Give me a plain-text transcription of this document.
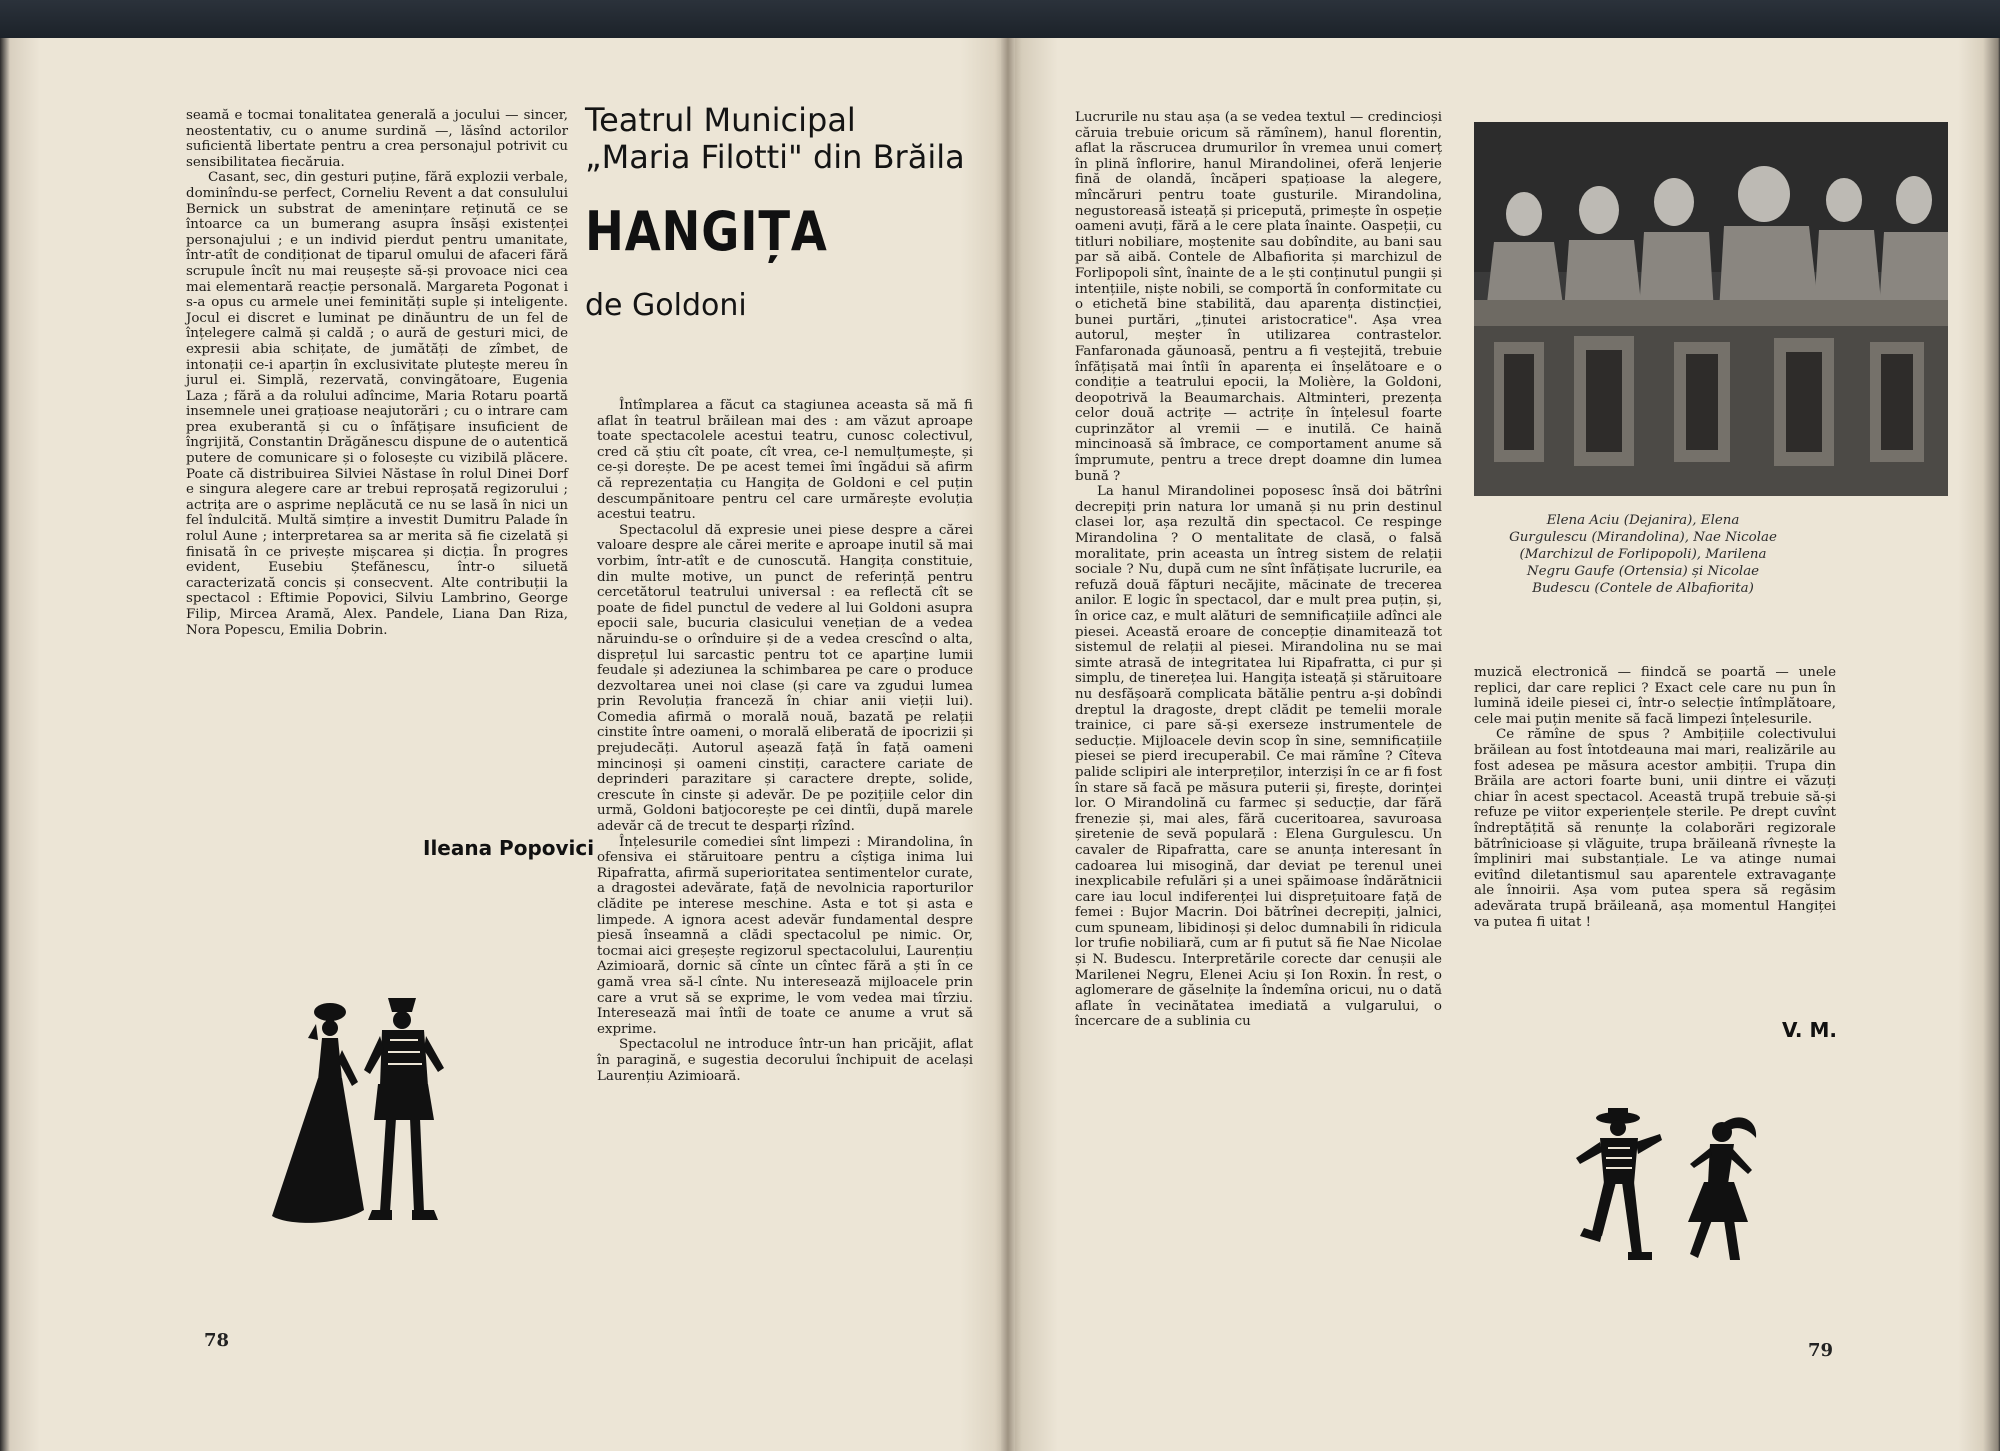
seamă e tocmai tonalitatea generală a jocului — sincer, neostentativ, cu o anume surdină —, lăsînd actorilor suficientă libertate pentru a crea personajul potrivit cu sensibilitatea fiecăruia.

Casant, sec, din gesturi puține, fără explozii verbale, dominîndu-se perfect, Corneliu Revent a dat consulului Bernick un substrat de amenințare reținută ce se întoarce ca un bumerang asupra însăși existenței personajului ; e un individ pierdut pentru umanitate, într-atît de condiționat de tiparul omului de afaceri fără scrupule încît nu mai reușește să-și provoace nici cea mai elementară reacție personală. Margareta Pogonat i s-a opus cu armele unei feminități suple și inteligente. Jocul ei discret e luminat pe dinăuntru de un fel de înțelegere calmă și caldă ; o aură de gesturi mici, de expresii abia schițate, de jumătăți de zîmbet, de intonații ce-i aparțin în exclusivitate plutește mereu în jurul ei. Simplă, rezervată, convingătoare, Eugenia Laza ; fără a da rolului adîncime, Maria Rotaru poartă insemnele unei grațioase neajutorări ; cu o intrare cam prea exuberantă și cu o înfățișare insuficient de îngrijită, Constantin Drăgănescu dispune de o autentică putere de comunicare și o folosește cu vizibilă plăcere. Poate că distribuirea Silviei Năstase în rolul Dinei Dorf e singura alegere care ar trebui reproșată regizorului ; actrița are o asprime neplăcută ce nu se lasă în nici un fel îndulcită. Multă simțire a investit Dumitru Palade în rolul Aune ; interpretarea sa ar merita să fie cizelată și finisată în ce privește mișcarea și dicția. În progres evident, Eusebiu Ștefănescu, într-o siluetă caracterizată concis și consecvent. Alte contribuții la spectacol : Eftimie Popovici, Silviu Lambrino, George Filip, Mircea Aramă, Alex. Pandele, Liana Dan Riza, Nora Popescu, Emilia Dobrin.

Ileana Popovici
78
Teatrul Municipal
„Maria Filotti" din Brăila
HANGIȚA
de Goldoni

Întîmplarea a făcut ca stagiunea aceasta să mă fi aflat în teatrul brăilean mai des : am văzut aproape toate spectacolele acestui teatru, cunosc colectivul, cred că știu cît poate, cît vrea, ce-l nemulțumește, și ce-și dorește. De pe acest temei îmi îngădui să afirm că reprezentația cu Hangița de Goldoni e cel puțin descumpănitoare pentru cel care urmărește evoluția acestui teatru.

Spectacolul dă expresie unei piese despre a cărei valoare despre ale cărei merite e aproape inutil să mai vorbim, într-atît e de cunoscută. Hangița constituie, din multe motive, un punct de referință pentru cercetătorul teatrului universal : ea reflectă cît se poate de fidel punctul de vedere al lui Goldoni asupra epocii sale, bucuria clasicului venețian de a vedea năruindu-se o orînduire și de a vedea crescînd o alta, disprețul lui sarcastic pentru tot ce aparține lumii feudale și adeziunea la schimbarea pe care o produce dezvoltarea unei noi clase (și care va zgudui lumea prin Revoluția franceză în chiar anii vieții lui). Comedia afirmă o morală nouă, bazată pe relații cinstite între oameni, o morală eliberată de ipocrizii și prejudecăți. Autorul așează față în față oameni mincinoși și oameni cinstiți, caractere cariate de deprinderi parazitare și caractere drepte, solide, crescute în cinste și adevăr. De pe pozițiile celor din urmă, Goldoni batjocorește pe cei dintîi, după marele adevăr că de trecut te desparți rîzînd.

Înțelesurile comediei sînt limpezi : Mirandolina, în ofensiva ei stăruitoare pentru a cîștiga inima lui Ripafratta, afirmă superioritatea sentimentelor curate, a dragostei adevărate, față de nevolnicia raporturilor clădite pe interese meschine. Asta e tot și asta e limpede. A ignora acest adevăr fundamental despre piesă înseamnă a clădi spectacolul pe nimic. Or, tocmai aici greșește regizorul spectacolului, Laurențiu Azimioară, dornic să cînte un cîntec fără a ști în ce gamă vrea să-l cînte. Nu interesează mijloacele prin care a vrut să se exprime, le vom vedea mai tîrziu. Interesează mai întîi de toate ce anume a vrut să exprime.

Spectacolul ne introduce într-un han pricăjit, aflat în paragină, e sugestia decorului închipuit de același Laurențiu Azimioară.

Lucrurile nu stau așa (a se vedea textul — credincioși căruia trebuie oricum să rămînem), hanul florentin, aflat la răscrucea drumurilor în vremea unui comerț în plină înflorire, hanul Mirandolinei, oferă lenjerie fină de olandă, încăperi spațioase la alegere, mîncăruri pentru toate gusturile. Mirandolina, negustoreasă isteață și pricepută, primește în ospeție oameni avuți, fără a le cere plata înainte. Oaspeții, cu titluri nobiliare, moștenite sau dobîndite, au bani sau par să aibă. Contele de Albafiorita și marchizul de Forlipopoli sînt, înainte de a le ști conținutul pungii și intențiile, niște nobili, se comportă în conformitate cu o etichetă bine stabilită, dau aparența distincției, bunei purtări, „ținutei aristocratice". Așa vrea autorul, meșter în utilizarea contrastelor. Fanfaronada găunoasă, pentru a fi veștejită, trebuie înfățișată mai întîi în aparența ei înșelătoare e o condiție a teatrului epocii, la Molière, la Goldoni, deopotrivă la Beaumarchais. Altminteri, prezența celor două actrițe — actrițe în înțelesul foarte cuprinzător al vremii — e inutilă. Ce haină mincinoasă să îmbrace, ce comportament anume să împrumute, pentru a trece drept doamne din lumea bună ?

La hanul Mirandolinei poposesc însă doi bătrîni decrepiți prin natura lor umană și nu prin destinul clasei lor, așa rezultă din spectacol. Ce respinge Mirandolina ? O mentalitate de clasă, o falsă moralitate, prin aceasta un întreg sistem de relații sociale ? Nu, după cum ne sînt înfățișate lucrurile, ea refuză două făpturi necăjite, măcinate de trecerea anilor. E logic în spectacol, dar e mult prea puțin, și, în orice caz, e mult alături de semnificațiile adînci ale piesei. Această eroare de concepție dinamitează tot sistemul de relații al piesei. Mirandolina nu se mai simte atrasă de integritatea lui Ripafratta, ci pur și simplu, de tinerețea lui. Hangița isteață și stăruitoare nu desfășoară complicata bătălie pentru a-și dobîndi dreptul la dragoste, drept clădit pe temelii morale trainice, ci pare să-și exerseze instrumentele de seducție. Mijloacele devin scop în sine, semnificațiile piesei se pierd irecuperabil. Ce mai rămîne ? Cîteva palide sclipiri ale interpreților, interziși în ce ar fi fost în stare să facă pe măsura puterii și, firește, dorinței lor. O Mirandolină cu farmec și seducție, dar fără frenezie și, mai ales, fără cuceritoarea, savuroasa șiretenie de sevă populară : Elena Gurgulescu. Un cavaler de Ripafratta, care se anunța interesant în cadoarea lui misogină, dar deviat pe terenul unei inexplicabile refulări și a unei spăimoase îndărătnicii care iau locul indiferenței lui disprețuitoare față de femei : Bujor Macrin. Doi bătrînei decrepiți, jalnici, cum spuneam, libidinoși și deloc dumnabili în ridicula lor trufie nobiliară, cum ar fi putut să fie Nae Nicolae și N. Budescu. Interpretările corecte dar cenușii ale Marilenei Negru, Elenei Aciu și Ion Roxin. În rest, o aglomerare de găselnițe la îndemîna oricui, nu o dată aflate în vecinătatea imediată a vulgarului, o încercare de a sublinia cu

Elena Aciu (Dejanira), Elena Gurgulescu (Mirandolina), Nae Nicolae (Marchizul de Forlipopoli), Marilena Negru Gaufe (Ortensia) și Nicolae Budescu (Contele de Albafiorita)

muzică electronică — fiindcă se poartă — unele replici, dar care replici ? Exact cele care nu pun în lumină ideile piesei ci, într-o selecție întîmplătoare, cele mai puțin menite să facă limpezi înțelesurile.

Ce rămîne de spus ? Ambițiile colectivului brăilean au fost întotdeauna mai mari, realizările au fost adesea pe măsura acestor ambiții. Trupa din Brăila are actori foarte buni, unii dintre ei văzuți chiar în acest spectacol. Această trupă trebuie să-și refuze pe viitor experiențele sterile. Pe drept cuvînt îndreptățită să renunțe la colaborări regizorale bătrînicioase și vlăguite, trupa brăileană rîvnește la împliniri mai substanțiale. Le va atinge numai evitînd diletantismul sau aparentele extravaganțe ale înnoirii. Așa vom putea spera să regăsim adevărata trupă brăileană, așa momentul Hangiței va putea fi uitat !

V. M.
79
